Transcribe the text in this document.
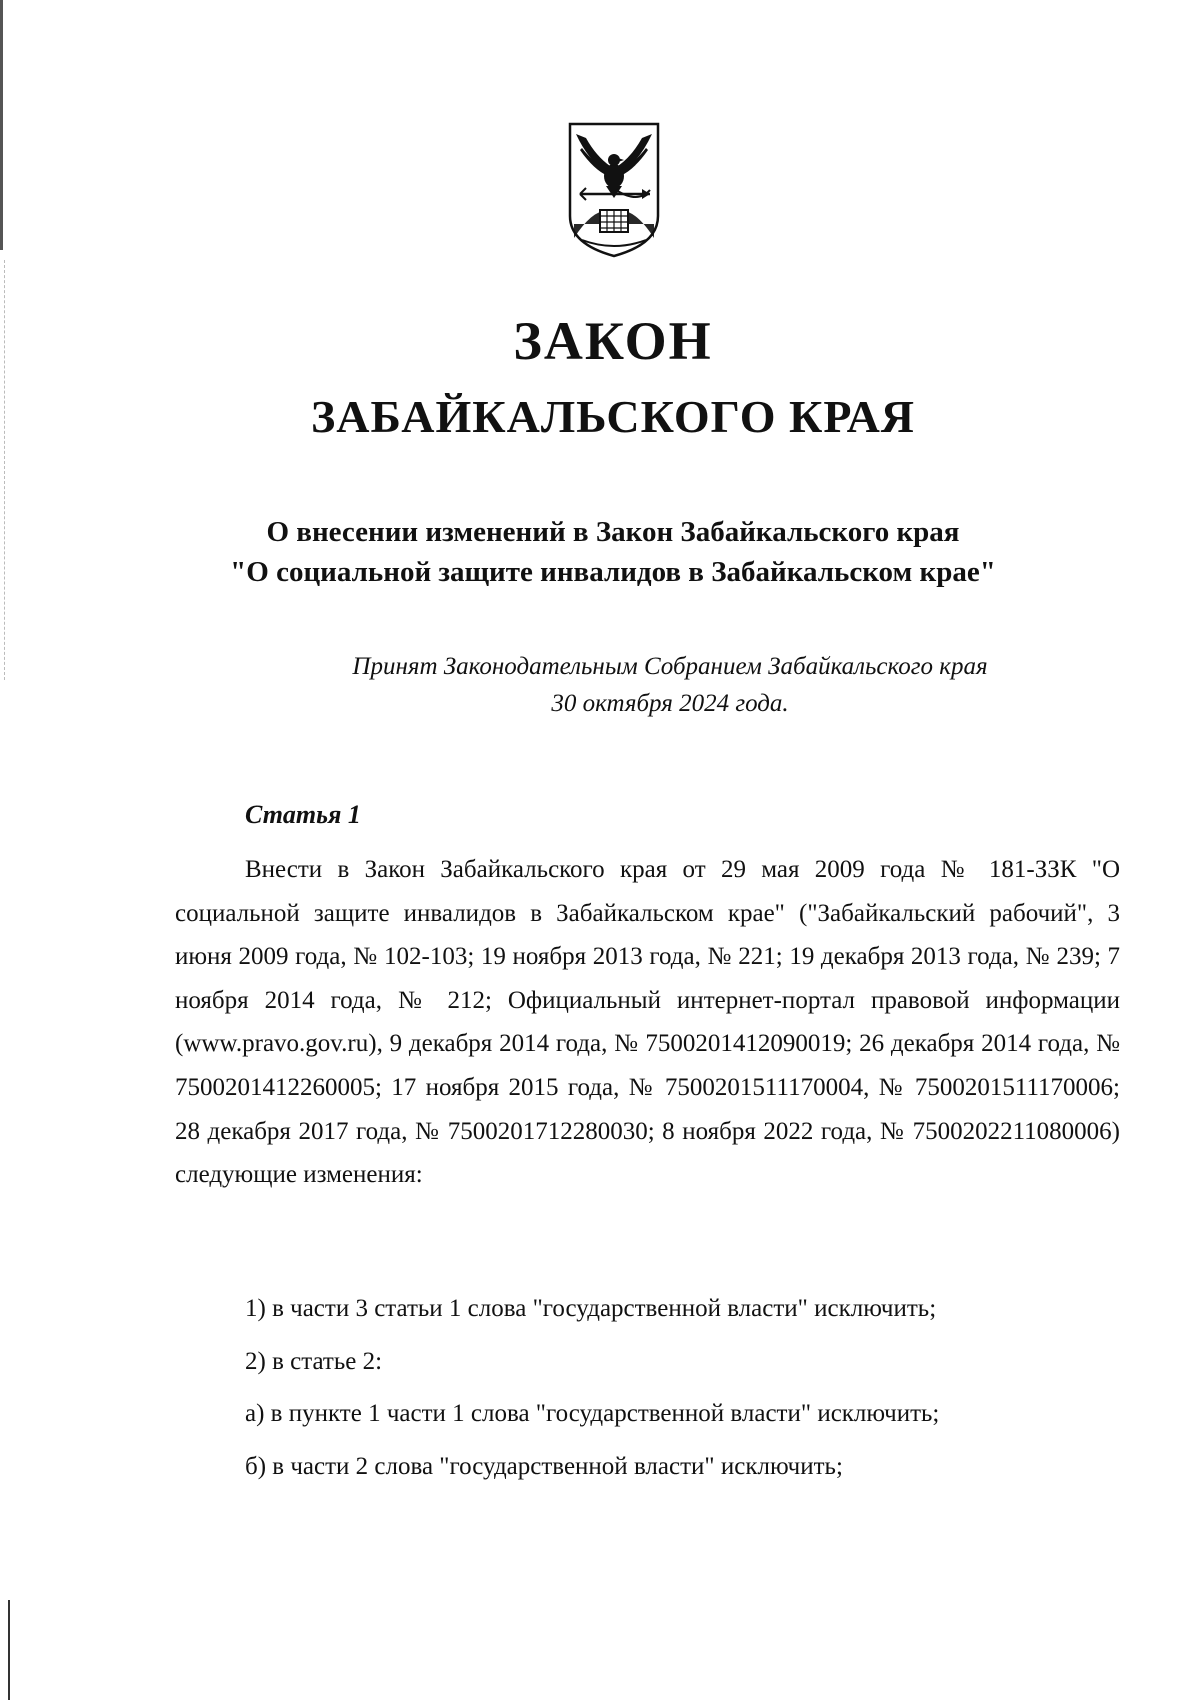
ЗАКОН
ЗАБАЙКАЛЬСКОГО КРАЯ
О внесении изменений в Закон Забайкальского края
"О социальной защите инвалидов в Забайкальском крае"
Принят Законодательным Собранием Забайкальского края
30 октября 2024 года.
Статья 1

Внести в Закон Забайкальского края от 29 мая 2009 года № 181-ЗЗК "О социальной защите инвалидов в Забайкальском крае" ("Забайкальский рабочий", 3 июня 2009 года, № 102-103; 19 ноября 2013 года, № 221; 19 декабря 2013 года, № 239; 7 ноября 2014 года, № 212; Официальный интернет-портал правовой информации (www.pravo.gov.ru), 9 декабря 2014 года, № 7500201412090019; 26 декабря 2014 года, № 7500201412260005; 17 ноября 2015 года, № 7500201511170004, № 7500201511170006; 28 декабря 2017 года, № 7500201712280030; 8 ноября 2022 года, № 7500202211080006) следующие изменения:

1) в части 3 статьи 1 слова "государственной власти" исключить;
2) в статье 2:
а) в пункте 1 части 1 слова "государственной власти" исключить;
б) в части 2 слова "государственной власти" исключить;
